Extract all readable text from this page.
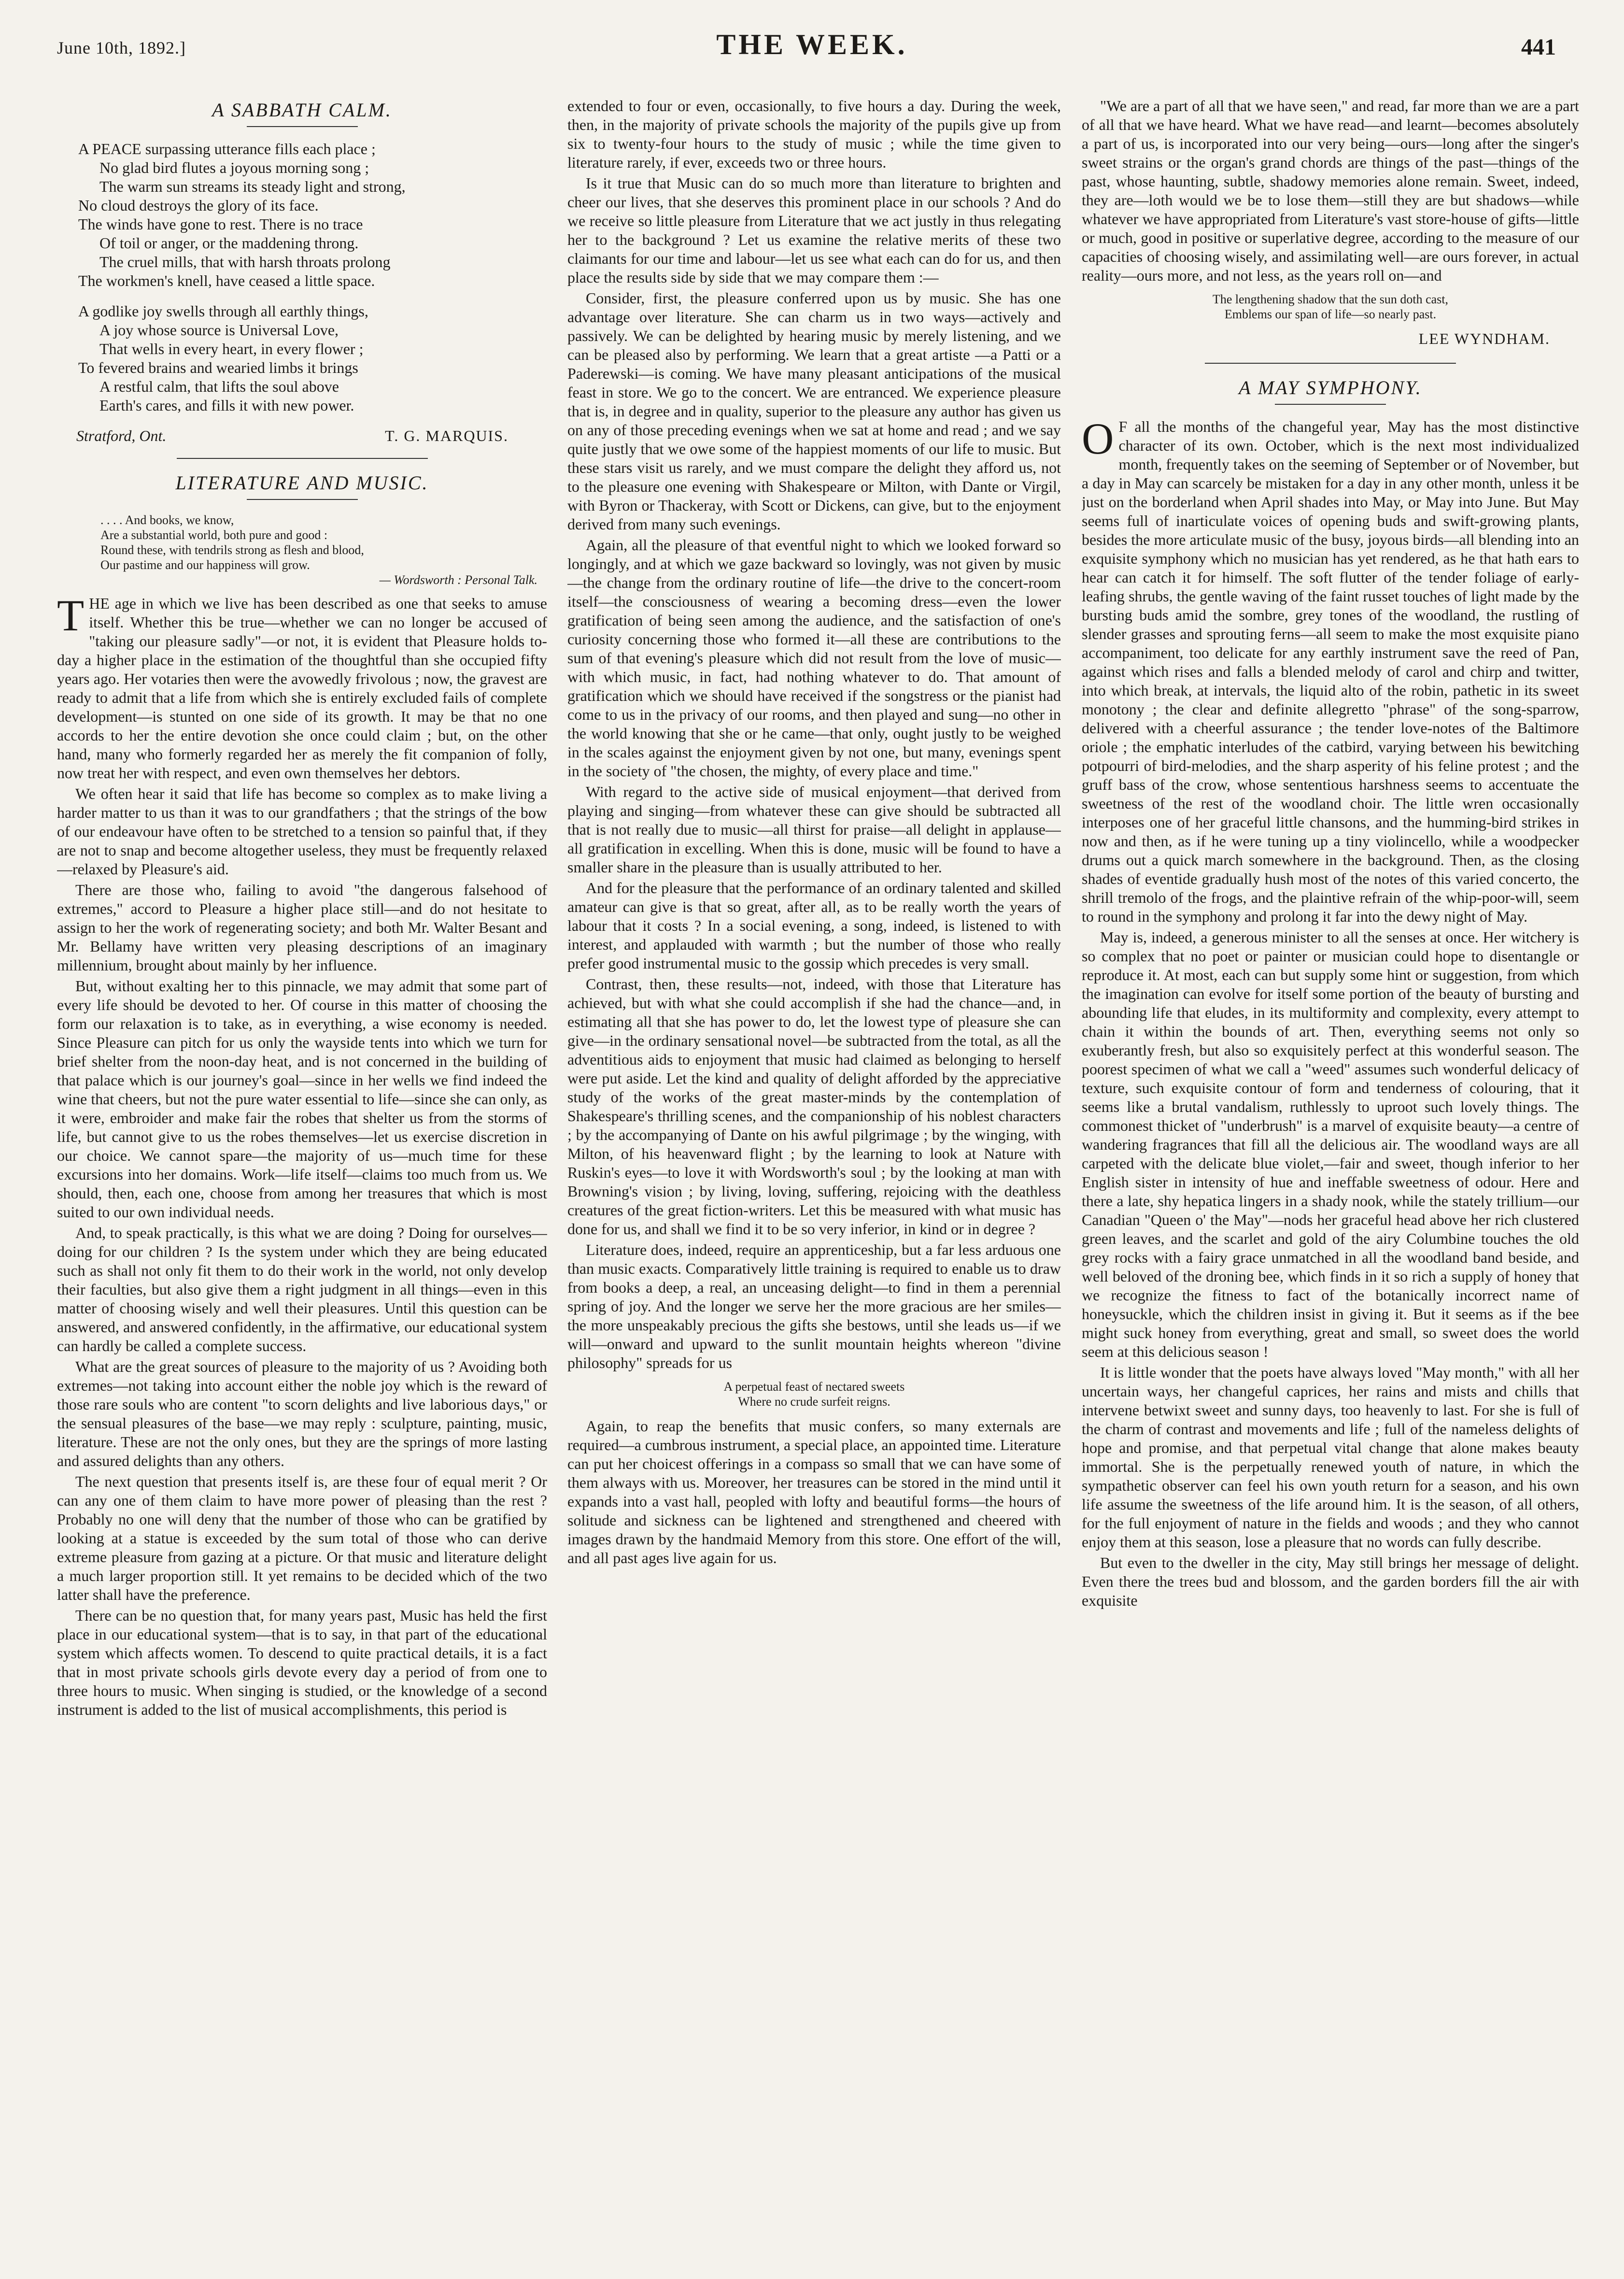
June 10th, 1892.]	THE WEEK.	441
A SABBATH CALM.
A PEACE surpassing utterance fills each place ;
No glad bird flutes a joyous morning song ;
The warm sun streams its steady light and strong,
No cloud destroys the glory of its face.
The winds have gone to rest. There is no trace
Of toil or anger, or the maddening throng.
The cruel mills, that with harsh throats prolong
The workmen's knell, have ceased a little space.
A godlike joy swells through all earthly things,
A joy whose source is Universal Love,
That wells in every heart, in every flower ;
To fevered brains and wearied limbs it brings
A restful calm, that lifts the soul above
Earth's cares, and fills it with new power.
Stratford, Ont.	T. G. MARQUIS.
LITERATURE AND MUSIC.
. . . . And books, we know,
Are a substantial world, both pure and good :
Round these, with tendrils strong as flesh and blood,
Our pastime and our happiness will grow.
— Wordsworth : Personal Talk.

THE age in which we live has been described as one that seeks to amuse itself. Whether this be true—whether we can no longer be accused of "taking our pleasure sadly"—or not, it is evident that Pleasure holds to-day a higher place in the estimation of the thoughtful than she occupied fifty years ago. Her votaries then were the avowedly frivolous ; now, the gravest are ready to admit that a life from which she is entirely excluded fails of complete development—is stunted on one side of its growth. It may be that no one accords to her the entire devotion she once could claim ; but, on the other hand, many who formerly regarded her as merely the fit companion of folly, now treat her with respect, and even own themselves her debtors.

We often hear it said that life has become so complex as to make living a harder matter to us than it was to our grandfathers ; that the strings of the bow of our endeavour have often to be stretched to a tension so painful that, if they are not to snap and become altogether useless, they must be frequently relaxed—relaxed by Pleasure's aid.

There are those who, failing to avoid "the dangerous falsehood of extremes," accord to Pleasure a higher place still—and do not hesitate to assign to her the work of regenerating society; and both Mr. Walter Besant and Mr. Bellamy have written very pleasing descriptions of an imaginary millennium, brought about mainly by her influence.

But, without exalting her to this pinnacle, we may admit that some part of every life should be devoted to her. Of course in this matter of choosing the form our relaxation is to take, as in everything, a wise economy is needed. Since Pleasure can pitch for us only the wayside tents into which we turn for brief shelter from the noon-day heat, and is not concerned in the building of that palace which is our journey's goal—since in her wells we find indeed the wine that cheers, but not the pure water essential to life—since she can only, as it were, embroider and make fair the robes that shelter us from the storms of life, but cannot give to us the robes themselves—let us exercise discretion in our choice. We cannot spare—the majority of us—much time for these excursions into her domains. Work—life itself—claims too much from us. We should, then, each one, choose from among her treasures that which is most suited to our own individual needs.

And, to speak practically, is this what we are doing ? Doing for ourselves—doing for our children ? Is the system under which they are being educated such as shall not only fit them to do their work in the world, not only develop their faculties, but also give them a right judgment in all things—even in this matter of choosing wisely and well their pleasures. Until this question can be answered, and answered confidently, in the affirmative, our educational system can hardly be called a complete success.

What are the great sources of pleasure to the majority of us ? Avoiding both extremes—not taking into account either the noble joy which is the reward of those rare souls who are content "to scorn delights and live laborious days," or the sensual pleasures of the base—we may reply : sculpture, painting, music, literature. These are not the only ones, but they are the springs of more lasting and assured delights than any others.

The next question that presents itself is, are these four of equal merit ? Or can any one of them claim to have more power of pleasing than the rest ? Probably no one will deny that the number of those who can be gratified by looking at a statue is exceeded by the sum total of those who can derive extreme pleasure from gazing at a picture. Or that music and literature delight a much larger proportion still. It yet remains to be decided which of the two latter shall have the preference.

There can be no question that, for many years past, Music has held the first place in our educational system—that is to say, in that part of the educational system which affects women. To descend to quite practical details, it is a fact that in most private schools girls devote every day a period of from one to three hours to music. When singing is studied, or the knowledge of a second instrument is added to the list of musical accomplishments, this period is

extended to four or even, occasionally, to five hours a day. During the week, then, in the majority of private schools the majority of the pupils give up from six to twenty-four hours to the study of music ; while the time given to literature rarely, if ever, exceeds two or three hours.

Is it true that Music can do so much more than literature to brighten and cheer our lives, that she deserves this prominent place in our schools ? And do we receive so little pleasure from Literature that we act justly in thus relegating her to the background ? Let us examine the relative merits of these two claimants for our time and labour—let us see what each can do for us, and then place the results side by side that we may compare them :—

Consider, first, the pleasure conferred upon us by music. She has one advantage over literature. She can charm us in two ways—actively and passively. We can be delighted by hearing music by merely listening, and we can be pleased also by performing. We learn that a great artiste —a Patti or a Paderewski—is coming. We have many pleasant anticipations of the musical feast in store. We go to the concert. We are entranced. We experience pleasure that is, in degree and in quality, superior to the pleasure any author has given us on any of those preceding evenings when we sat at home and read ; and we say quite justly that we owe some of the happiest moments of our life to music. But these stars visit us rarely, and we must compare the delight they afford us, not to the pleasure one evening with Shakespeare or Milton, with Dante or Virgil, with Byron or Thackeray, with Scott or Dickens, can give, but to the enjoyment derived from many such evenings.

Again, all the pleasure of that eventful night to which we looked forward so longingly, and at which we gaze backward so lovingly, was not given by music—the change from the ordinary routine of life—the drive to the concert-room itself—the consciousness of wearing a becoming dress—even the lower gratification of being seen among the audience, and the satisfaction of one's curiosity concerning those who formed it—all these are contributions to the sum of that evening's pleasure which did not result from the love of music—with which music, in fact, had nothing whatever to do. That amount of gratification which we should have received if the songstress or the pianist had come to us in the privacy of our rooms, and then played and sung—no other in the world knowing that she or he came—that only, ought justly to be weighed in the scales against the enjoyment given by not one, but many, evenings spent in the society of "the chosen, the mighty, of every place and time."

With regard to the active side of musical enjoyment—that derived from playing and singing—from whatever these can give should be subtracted all that is not really due to music—all thirst for praise—all delight in applause—all gratification in excelling. When this is done, music will be found to have a smaller share in the pleasure than is usually attributed to her.

And for the pleasure that the performance of an ordinary talented and skilled amateur can give is that so great, after all, as to be really worth the years of labour that it costs ? In a social evening, a song, indeed, is listened to with interest, and applauded with warmth ; but the number of those who really prefer good instrumental music to the gossip which precedes is very small.

Contrast, then, these results—not, indeed, with those that Literature has achieved, but with what she could accomplish if she had the chance—and, in estimating all that she has power to do, let the lowest type of pleasure she can give—in the ordinary sensational novel—be subtracted from the total, as all the adventitious aids to enjoyment that music had claimed as belonging to herself were put aside. Let the kind and quality of delight afforded by the appreciative study of the works of the great master-minds by the contemplation of Shakespeare's thrilling scenes, and the companionship of his noblest characters ; by the accompanying of Dante on his awful pilgrimage ; by the winging, with Milton, of his heavenward flight ; by the learning to look at Nature with Ruskin's eyes—to love it with Wordsworth's soul ; by the looking at man with Browning's vision ; by living, loving, suffering, rejoicing with the deathless creatures of the great fiction-writers. Let this be measured with what music has done for us, and shall we find it to be so very inferior, in kind or in degree ?

Literature does, indeed, require an apprenticeship, but a far less arduous one than music exacts. Comparatively little training is required to enable us to draw from books a deep, a real, an unceasing delight—to find in them a perennial spring of joy. And the longer we serve her the more gracious are her smiles—the more unspeakably precious the gifts she bestows, until she leads us—if we will—onward and upward to the sunlit mountain heights whereon "divine philosophy" spreads for us

A perpetual feast of nectared sweets
Where no crude surfeit reigns.

Again, to reap the benefits that music confers, so many externals are required—a cumbrous instrument, a special place, an appointed time. Literature can put her choicest offerings in a compass so small that we can have some of them always with us. Moreover, her treasures can be stored in the mind until it expands into a vast hall, peopled with lofty and beautiful forms—the hours of solitude and sickness can be lightened and strengthened and cheered with images drawn by the handmaid Memory from this store. One effort of the will, and all past ages live again for us.

"We are a part of all that we have seen," and read, far more than we are a part of all that we have heard. What we have read—and learnt—becomes absolutely a part of us, is incorporated into our very being—ours—long after the singer's sweet strains or the organ's grand chords are things of the past—things of the past, whose haunting, subtle, shadowy memories alone remain. Sweet, indeed, they are—loth would we be to lose them—still they are but shadows—while whatever we have appropriated from Literature's vast store-house of gifts—little or much, good in positive or superlative degree, according to the measure of our capacities of choosing wisely, and assimilating well—are ours forever, in actual reality—ours more, and not less, as the years roll on—and

The lengthening shadow that the sun doth cast,
Emblems our span of life—so nearly past.
LEE WYNDHAM.
A MAY SYMPHONY.

O F all the months of the changeful year, May has the most distinctive character of its own. October, which is the next most individualized month, frequently takes on the seeming of September or of November, but a day in May can scarcely be mistaken for a day in any other month, unless it be just on the borderland when April shades into May, or May into June. But May seems full of inarticulate voices of opening buds and swift-growing plants, besides the more articulate music of the busy, joyous birds—all blending into an exquisite symphony which no musician has yet rendered, as he that hath ears to hear can catch it for himself. The soft flutter of the tender foliage of early-leafing shrubs, the gentle waving of the faint russet touches of light made by the bursting buds amid the sombre, grey tones of the woodland, the rustling of slender grasses and sprouting ferns—all seem to make the most exquisite piano accompaniment, too delicate for any earthly instrument save the reed of Pan, against which rises and falls a blended melody of carol and chirp and twitter, into which break, at intervals, the liquid alto of the robin, pathetic in its sweet monotony ; the clear and definite allegretto "phrase" of the song-sparrow, delivered with a cheerful assurance ; the tender love-notes of the Baltimore oriole ; the emphatic interludes of the catbird, varying between his bewitching potpourri of bird-melodies, and the sharp asperity of his feline protest ; and the gruff bass of the crow, whose sententious harshness seems to accentuate the sweetness of the rest of the woodland choir. The little wren occasionally interposes one of her graceful little chansons, and the humming-bird strikes in now and then, as if he were tuning up a tiny violincello, while a woodpecker drums out a quick march somewhere in the background. Then, as the closing shades of eventide gradually hush most of the notes of this varied concerto, the shrill tremolo of the frogs, and the plaintive refrain of the whip-poor-will, seem to round in the symphony and prolong it far into the dewy night of May.

May is, indeed, a generous minister to all the senses at once. Her witchery is so complex that no poet or painter or musician could hope to disentangle or reproduce it. At most, each can but supply some hint or suggestion, from which the imagination can evolve for itself some portion of the beauty of bursting and abounding life that eludes, in its multiformity and complexity, every attempt to chain it within the bounds of art. Then, everything seems not only so exuberantly fresh, but also so exquisitely perfect at this wonderful season. The poorest specimen of what we call a "weed" assumes such wonderful delicacy of texture, such exquisite contour of form and tenderness of colouring, that it seems like a brutal vandalism, ruthlessly to uproot such lovely things. The commonest thicket of "underbrush" is a marvel of exquisite beauty—a centre of wandering fragrances that fill all the delicious air. The woodland ways are all carpeted with the delicate blue violet,—fair and sweet, though inferior to her English sister in intensity of hue and ineffable sweetness of odour. Here and there a late, shy hepatica lingers in a shady nook, while the stately trillium—our Canadian "Queen o' the May"—nods her graceful head above her rich clustered green leaves, and the scarlet and gold of the airy Columbine touches the old grey rocks with a fairy grace unmatched in all the woodland band beside, and well beloved of the droning bee, which finds in it so rich a supply of honey that we recognize the fitness to fact of the botanically incorrect name of honeysuckle, which the children insist in giving it. But it seems as if the bee might suck honey from everything, great and small, so sweet does the world seem at this delicious season !

It is little wonder that the poets have always loved "May month," with all her uncertain ways, her changeful caprices, her rains and mists and chills that intervene betwixt sweet and sunny days, too heavenly to last. For she is full of the charm of contrast and movements and life ; full of the nameless delights of hope and promise, and that perpetual vital change that alone makes beauty immortal. She is the perpetually renewed youth of nature, in which the sympathetic observer can feel his own youth return for a season, and his own life assume the sweetness of the life around him. It is the season, of all others, for the full enjoyment of nature in the fields and woods ; and they who cannot enjoy them at this season, lose a pleasure that no words can fully describe.

But even to the dweller in the city, May still brings her message of delight. Even there the trees bud and blossom, and the garden borders fill the air with exquisite
